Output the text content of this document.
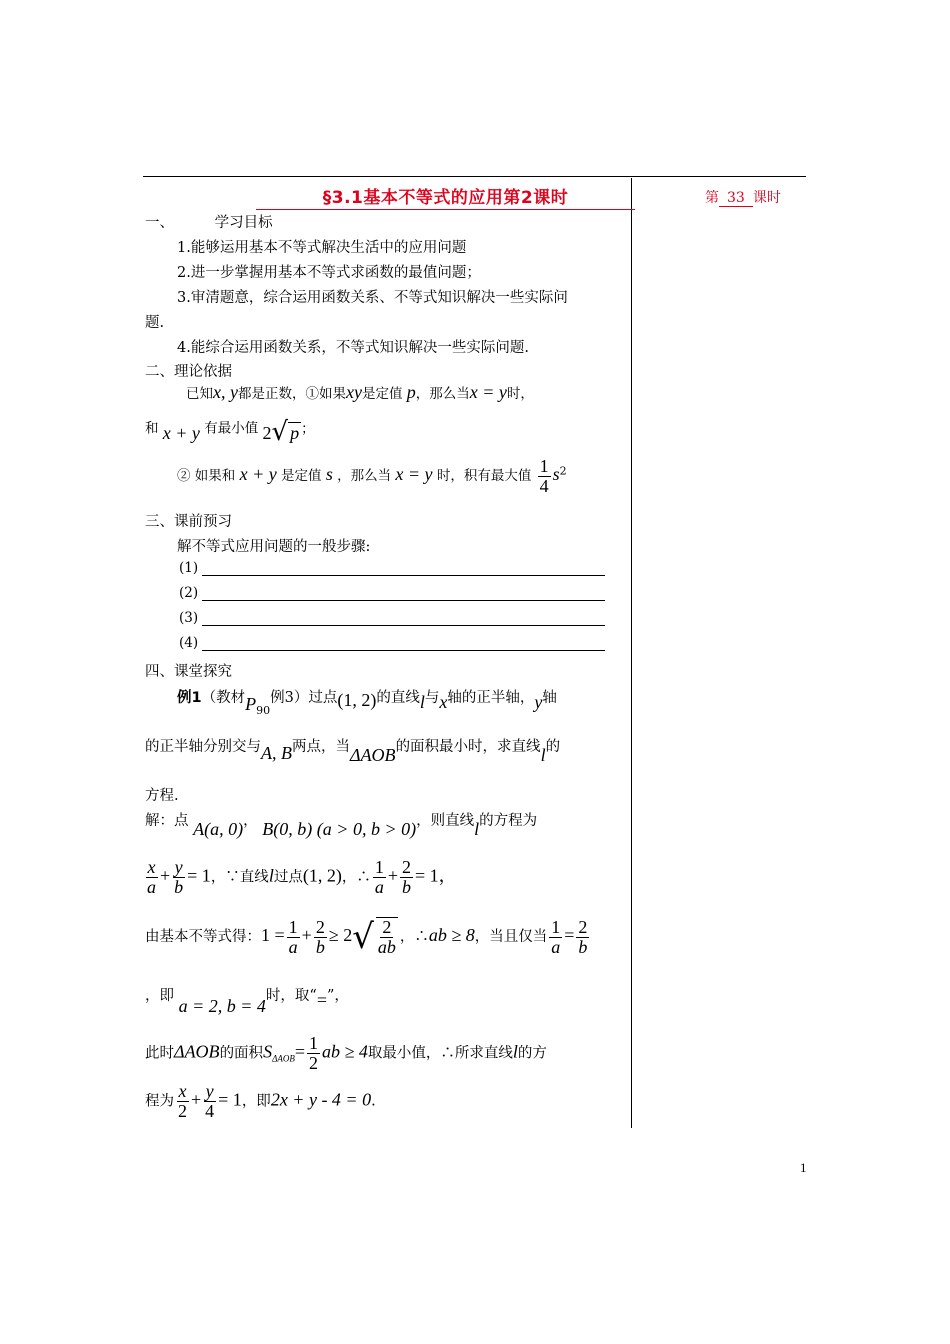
§3.1基本不等式的应用第2课时	第 33 课时
一、	学习目标
1.能够运用基本不等式解决生活中的应用问题
2.进一步掌握用基本不等式求函数的最值问题；
3.审清题意，综合运用函数关系、不等式知识解决一些实际问
题.
4.能综合运用函数关系，不等式知识解决一些实际问题.
二、理论依据
已知x, y都是正数，①如果xy是定值 p，那么当x = y时，
和 x + y 有最小值 2√ p ；
② 如果和 x + y 是定值 s ，那么当 x = y 时，积有最大值 $\frac{1}{4} s^2$
三、课前预习
解不等式应用问题的一般步骤:
(1)
(2)
(3)
(4)
四、课堂探究
例1（教材$P_{90}$例3）过点(1, 2)的直线l与x轴的正半轴，y轴
的正半轴分别交与A, B两点，当ΔAOB的面积最小时，求直线l的
方程.
解：点 A(a, 0)， B(0, b) (a > 0, b > 0)，则直线l的方程为
$\frac{x}{a} + \frac{y}{b} = 1$，∵直线l过点(1, 2)，∴ $\frac{1}{a} + \frac{2}{b} = 1$，
由基本不等式得：$1 = \frac{1}{a} + \frac{2}{b} \ge 2√ \frac{2}{ab}$ ，∴ab ≥ 8，当且仅当 $\frac{1}{a} = \frac{2}{b}$
，即 a = 2, b = 4时，取“=”，
此时ΔAOB的面积$S_{\Delta AOB}= \frac{1}{2}$ ab ≥ 4取最小值，∴所求直线l的方
程为 $\frac{x}{2} + \frac{y}{4} = 1$，即2x + y - 4 = 0.
1
